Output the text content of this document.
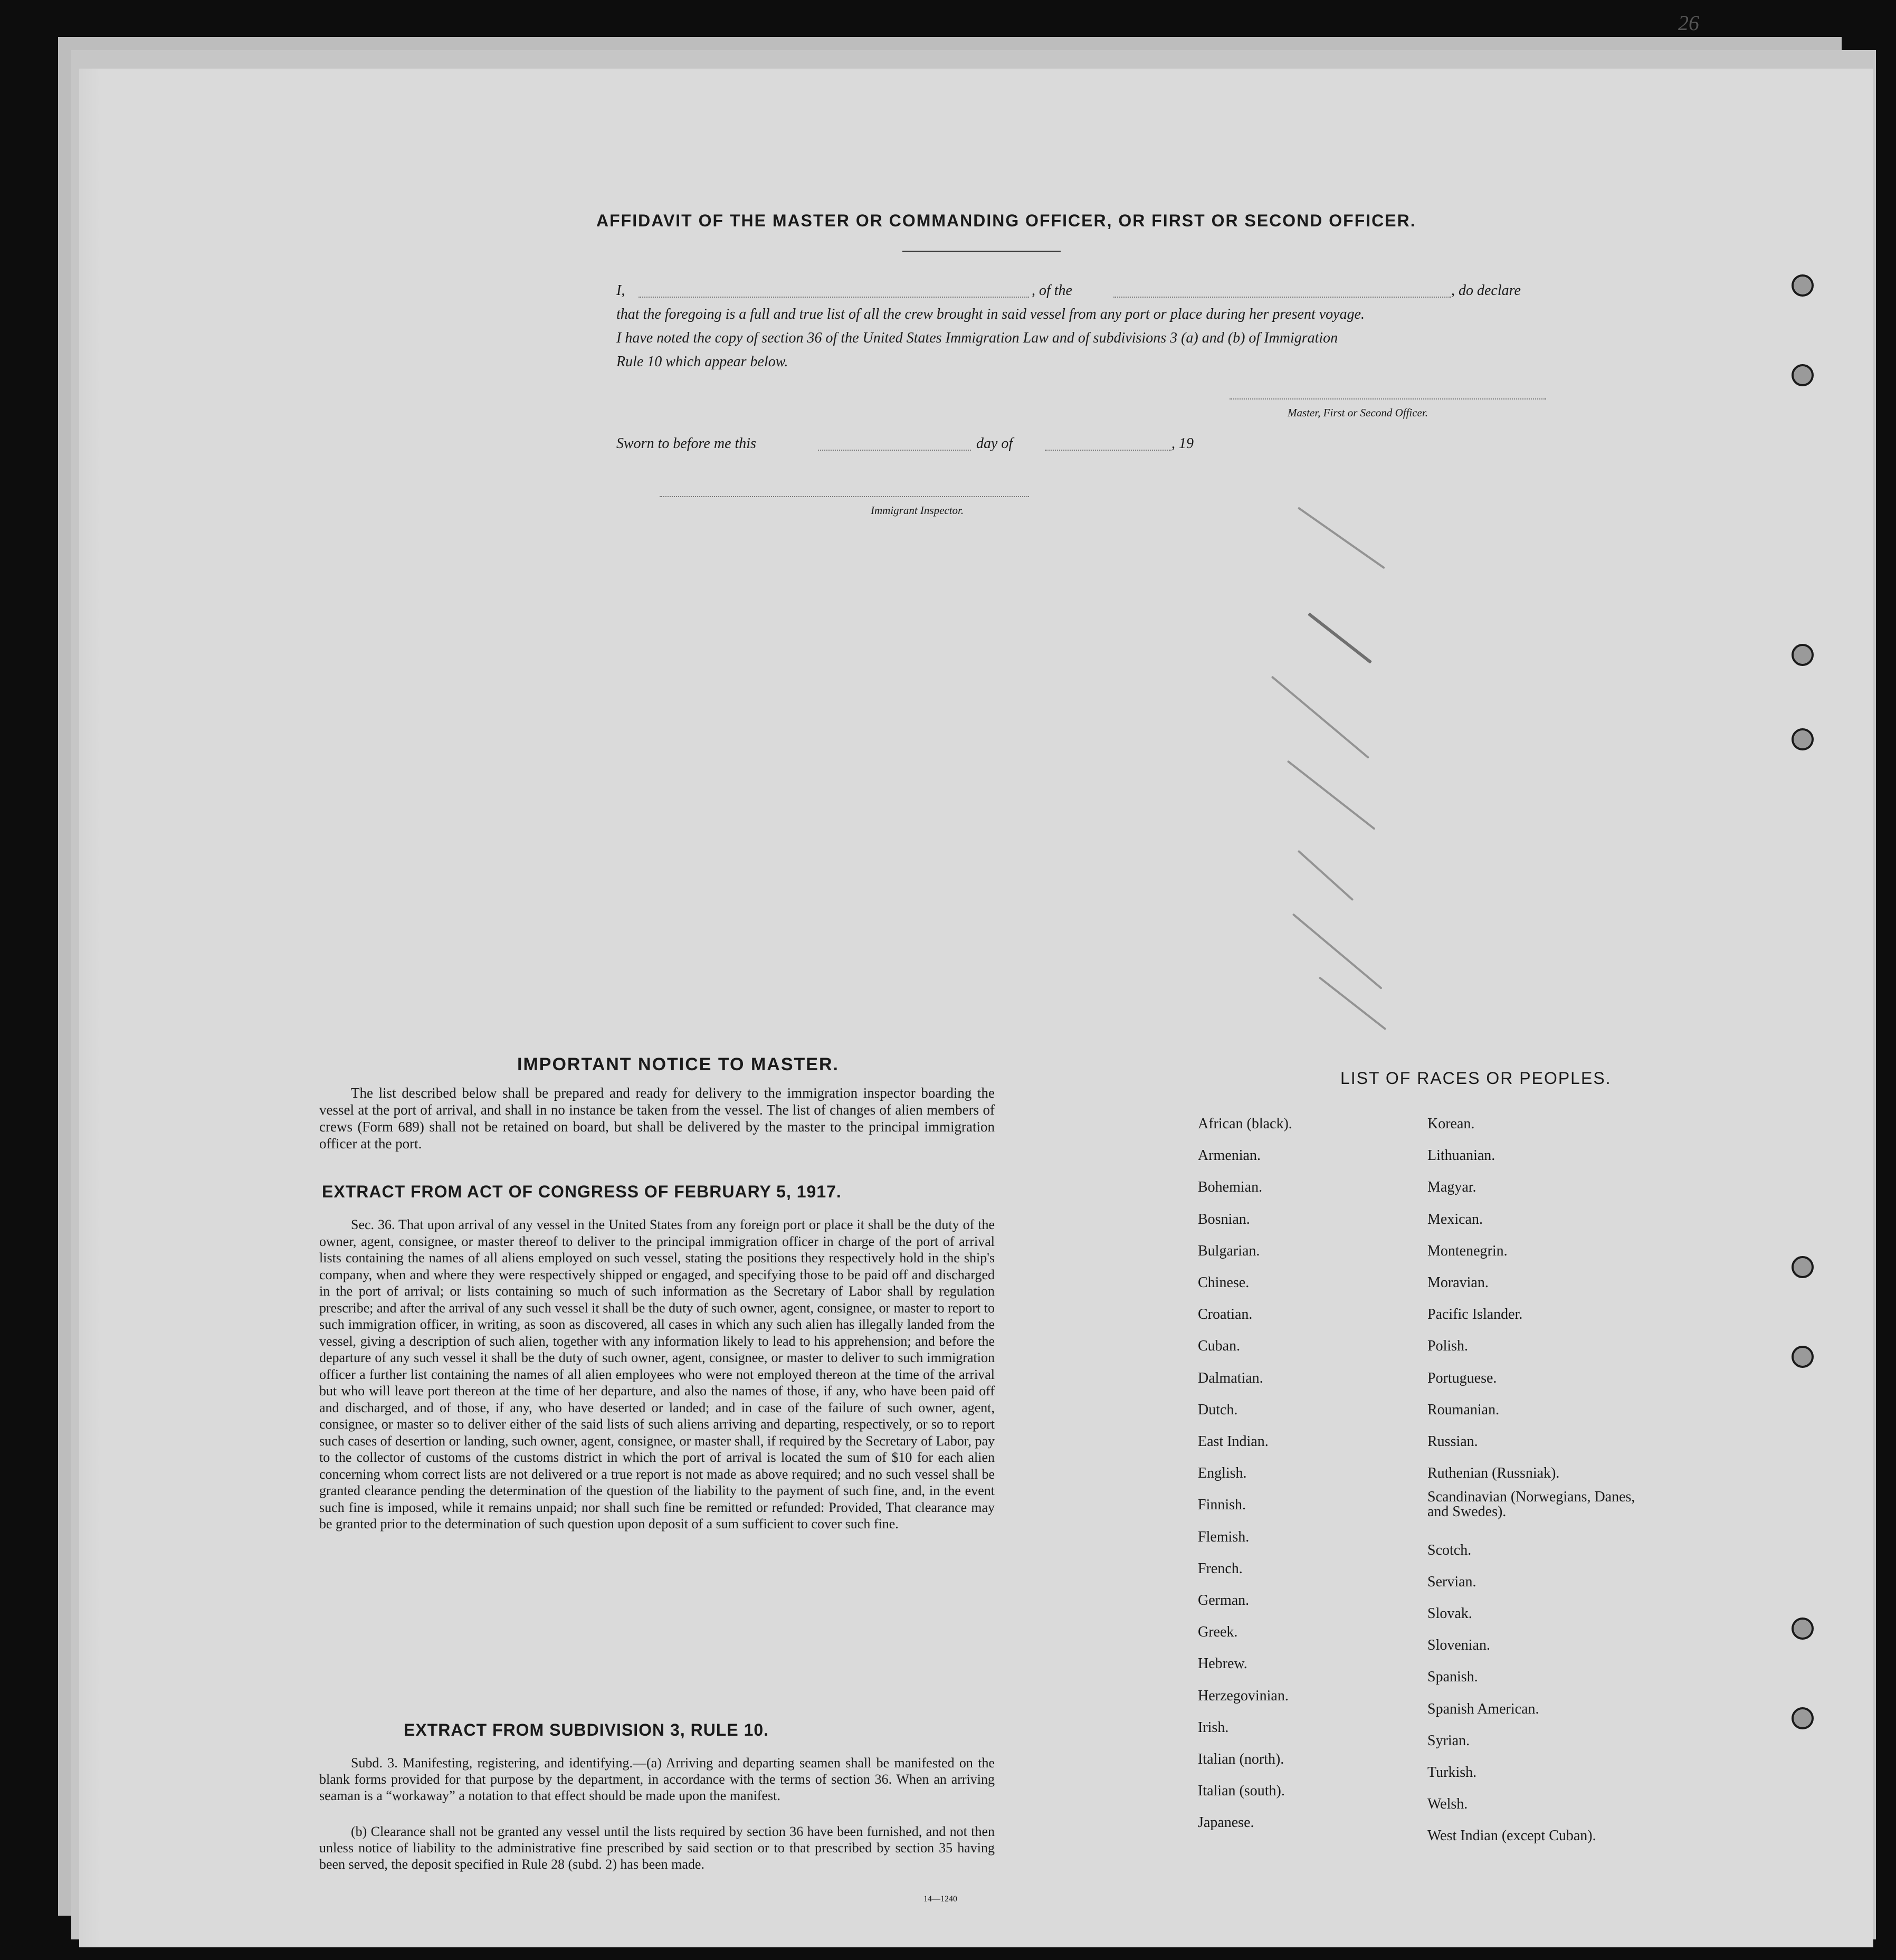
AFFIDAVIT OF THE MASTER OR COMMANDING OFFICER, OR FIRST OR SECOND OFFICER.
I,	, of the	, do declare
that the foregoing is a full and true list of all the crew brought in said vessel from any port or place during her present voyage.
I have noted the copy of section 36 of the United States Immigration Law and of subdivisions 3 (a) and (b) of Immigration
Rule 10 which appear below.
Master, First or Second Officer.
Sworn to before me this	day of	, 19
Immigrant Inspector.
IMPORTANT NOTICE TO MASTER.
The list described below shall be prepared and ready for delivery to the immigration inspector boarding the vessel at the port of arrival, and shall in no instance be taken from the vessel. The list of changes of alien members of crews (Form 689) shall not be retained on board, but shall be delivered by the master to the principal immigration officer at the port.
EXTRACT FROM ACT OF CONGRESS OF FEBRUARY 5, 1917.
Sec. 36. That upon arrival of any vessel in the United States from any foreign port or place it shall be the duty of the owner, agent, consignee, or master thereof to deliver to the principal immigration officer in charge of the port of arrival lists containing the names of all aliens employed on such vessel, stating the positions they respectively hold in the ship's company, when and where they were respectively shipped or engaged, and specifying those to be paid off and discharged in the port of arrival; or lists containing so much of such information as the Secretary of Labor shall by regulation prescribe; and after the arrival of any such vessel it shall be the duty of such owner, agent, consignee, or master to report to such immigration officer, in writing, as soon as discovered, all cases in which any such alien has illegally landed from the vessel, giving a description of such alien, together with any information likely to lead to his apprehension; and before the departure of any such vessel it shall be the duty of such owner, agent, consignee, or master to deliver to such immigration officer a further list containing the names of all alien employees who were not employed thereon at the time of the arrival but who will leave port thereon at the time of her departure, and also the names of those, if any, who have been paid off and discharged, and of those, if any, who have deserted or landed; and in case of the failure of such owner, agent, consignee, or master so to deliver either of the said lists of such aliens arriving and departing, respectively, or so to report such cases of desertion or landing, such owner, agent, consignee, or master shall, if required by the Secretary of Labor, pay to the collector of customs of the customs district in which the port of arrival is located the sum of $10 for each alien concerning whom correct lists are not delivered or a true report is not made as above required; and no such vessel shall be granted clearance pending the determination of the question of the liability to the payment of such fine, and, in the event such fine is imposed, while it remains unpaid; nor shall such fine be remitted or refunded: Provided, That clearance may be granted prior to the determination of such question upon deposit of a sum sufficient to cover such fine.
EXTRACT FROM SUBDIVISION 3, RULE 10.
Subd. 3. Manifesting, registering, and identifying.—(a) Arriving and departing seamen shall be manifested on the blank forms provided for that purpose by the department, in accordance with the terms of section 36. When an arriving seaman is a “workaway” a notation to that effect should be made upon the manifest.
(b) Clearance shall not be granted any vessel until the lists required by section 36 have been furnished, and not then unless notice of liability to the administrative fine prescribed by said section or to that prescribed by section 35 having been served, the deposit specified in Rule 28 (subd. 2) has been made.
14—1240
LIST OF RACES OR PEOPLES.
African (black).
Armenian.
Bohemian.
Bosnian.
Bulgarian.
Chinese.
Croatian.
Cuban.
Dalmatian.
Dutch.
East Indian.
English.
Finnish.
Flemish.
French.
German.
Greek.
Hebrew.
Herzegovinian.
Irish.
Italian (north).
Italian (south).
Japanese.
Korean.
Lithuanian.
Magyar.
Mexican.
Montenegrin.
Moravian.
Pacific Islander.
Polish.
Portuguese.
Roumanian.
Russian.
Ruthenian (Russniak).
Scandinavian (Norwegians, Danes, and Swedes).
Scotch.
Servian.
Slovak.
Slovenian.
Spanish.
Spanish American.
Syrian.
Turkish.
Welsh.
West Indian (except Cuban).
26
